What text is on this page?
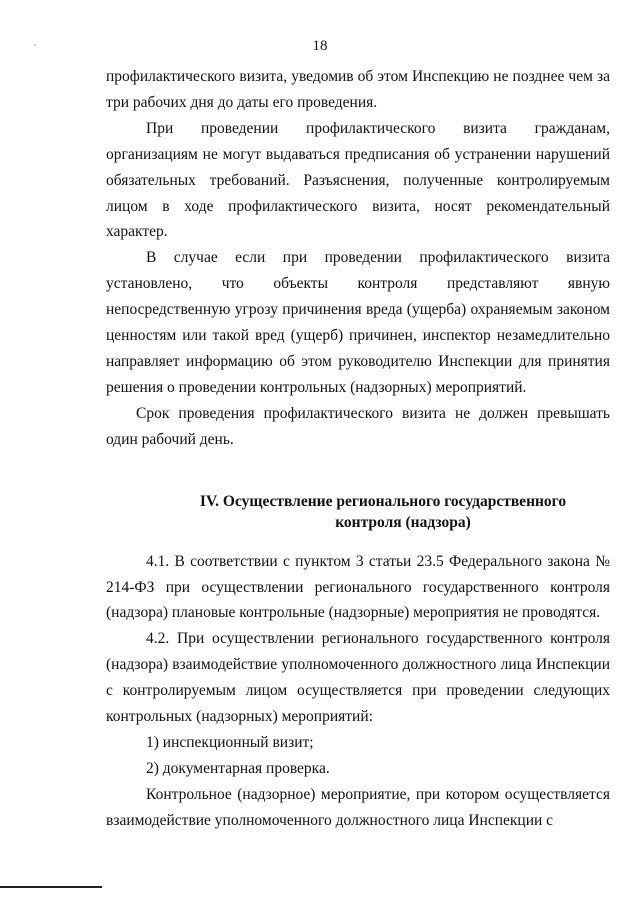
18

профилактического визита, уведомив об этом Инспекцию не позднее чем за три рабочих дня до даты его проведения.

При проведении профилактического визита гражданам, организациям не могут выдаваться предписания об устранении нарушений обязательных требований. Разъяснения, полученные контролируемым лицом в ходе профилактического визита, носят рекомендательный характер.

В случае если при проведении профилактического визита установлено, что объекты контроля представляют явную непосредственную угрозу причинения вреда (ущерба) охраняемым законом ценностям или такой вред (ущерб) причинен, инспектор незамедлительно направляет информацию об этом руководителю Инспекции для принятия решения о проведении контрольных (надзорных) мероприятий.

Срок проведения профилактического визита не должен превышать один рабочий день.

IV. Осуществление регионального государственного
контроля (надзора)

4.1. В соответствии с пунктом 3 статьи 23.5 Федерального закона № 214-ФЗ при осуществлении регионального государственного контроля (надзора) плановые контрольные (надзорные) мероприятия не проводятся.

4.2. При осуществлении регионального государственного контроля (надзора) взаимодействие уполномоченного должностного лица Инспекции с контролируемым лицом осуществляется при проведении следующих контрольных (надзорных) мероприятий:

1) инспекционный визит;

2) документарная проверка.

Контрольное (надзорное) мероприятие, при котором осуществляется взаимодействие уполномоченного должностного лица Инспекции с
